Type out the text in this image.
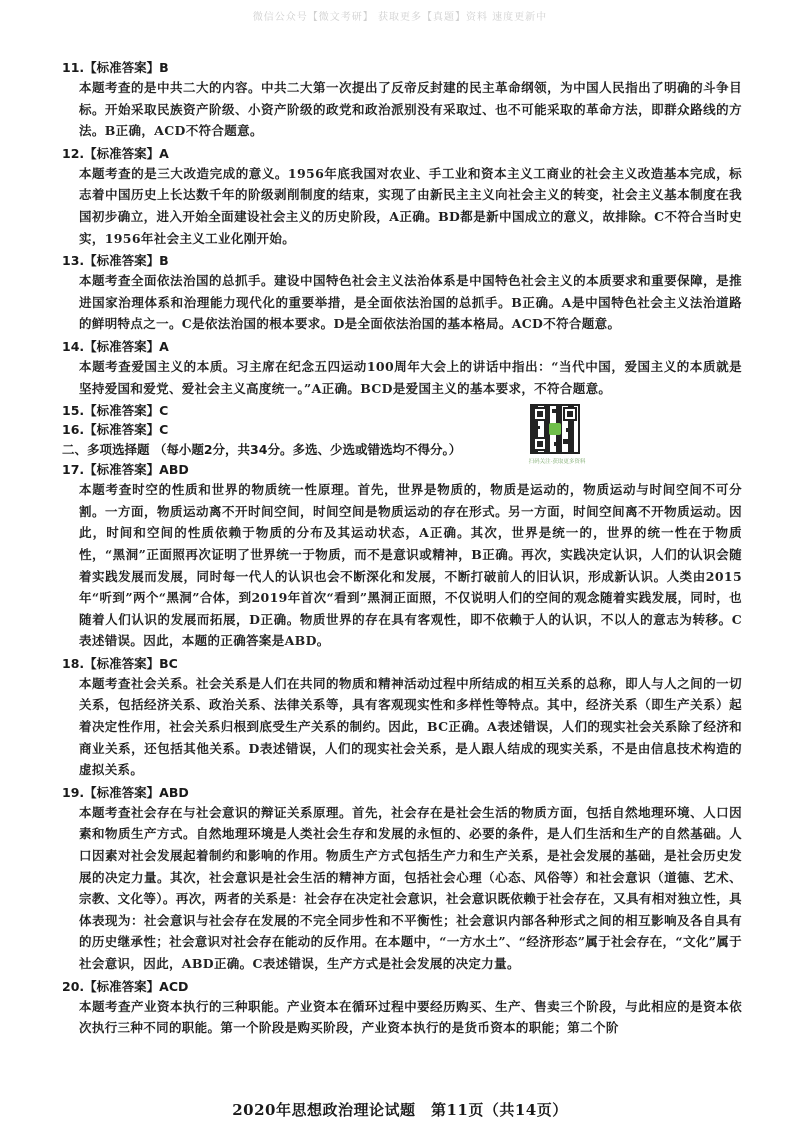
微信公众号【微文考研】 获取更多【真题】资料 速度更新中

11.【标准答案】B

本题考查的是中共二大的内容。中共二大第一次提出了反帝反封建的民主革命纲领，为中国人民指出了明确的斗争目标。开始采取民族资产阶级、小资产阶级的政党和政治派别没有采取过、也不可能采取的革命方法，即群众路线的方法。B正确，ACD不符合题意。

12.【标准答案】A

本题考查的是三大改造完成的意义。1956年底我国对农业、手工业和资本主义工商业的社会主义改造基本完成，标志着中国历史上长达数千年的阶级剥削制度的结束，实现了由新民主主义向社会主义的转变，社会主义基本制度在我国初步确立，进入开始全面建设社会主义的历史阶段，A正确。BD都是新中国成立的意义，故排除。C不符合当时史实，1956年社会主义工业化刚开始。

13.【标准答案】B

本题考查全面依法治国的总抓手。建设中国特色社会主义法治体系是中国特色社会主义的本质要求和重要保障，是推进国家治理体系和治理能力现代化的重要举措，是全面依法治国的总抓手。B正确。A是中国特色社会主义法治道路的鲜明特点之一。C是依法治国的根本要求。D是全面依法治国的基本格局。ACD不符合题意。

14.【标准答案】A

本题考查爱国主义的本质。习主席在纪念五四运动100周年大会上的讲话中指出：“当代中国，爱国主义的本质就是坚持爱国和爱党、爱社会主义高度统一。”A正确。BCD是爱国主义的基本要求，不符合题意。

15.【标准答案】C

16.【标准答案】C

二、多项选择题 （每小题2分，共34分。多选、少选或错选均不得分。）

17.【标准答案】ABD

本题考查时空的性质和世界的物质统一性原理。首先，世界是物质的，物质是运动的，物质运动与时间空间不可分割。一方面，物质运动离不开时间空间，时间空间是物质运动的存在形式。另一方面，时间空间离不开物质运动。因此，时间和空间的性质依赖于物质的分布及其运动状态，A正确。其次，世界是统一的，世界的统一性在于物质性，“黑洞”正面照再次证明了世界统一于物质，而不是意识或精神，B正确。再次，实践决定认识，人们的认识会随着实践发展而发展，同时每一代人的认识也会不断深化和发展，不断打破前人的旧认识，形成新认识。人类由2015年“听到”两个“黑洞”合体，到2019年首次“看到”黑洞正面照，不仅说明人们的空间的观念随着实践发展，同时，也随着人们认识的发展而拓展，D正确。物质世界的存在具有客观性，即不依赖于人的认识，不以人的意志为转移。C表述错误。因此，本题的正确答案是ABD。

18.【标准答案】BC

本题考查社会关系。社会关系是人们在共同的物质和精神活动过程中所结成的相互关系的总称，即人与人之间的一切关系，包括经济关系、政治关系、法律关系等，具有客观现实性和多样性等特点。其中，经济关系（即生产关系）起着决定性作用，社会关系归根到底受生产关系的制约。因此，BC正确。A表述错误，人们的现实社会关系除了经济和商业关系，还包括其他关系。D表述错误，人们的现实社会关系，是人跟人结成的现实关系，不是由信息技术构造的虚拟关系。

19.【标准答案】ABD

本题考查社会存在与社会意识的辩证关系原理。首先，社会存在是社会生活的物质方面，包括自然地理环境、人口因素和物质生产方式。自然地理环境是人类社会生存和发展的永恒的、必要的条件，是人们生活和生产的自然基础。人口因素对社会发展起着制约和影响的作用。物质生产方式包括生产力和生产关系，是社会发展的基础，是社会历史发展的决定力量。其次，社会意识是社会生活的精神方面，包括社会心理（心态、风俗等）和社会意识（道德、艺术、宗教、文化等）。再次，两者的关系是：社会存在决定社会意识，社会意识既依赖于社会存在，又具有相对独立性，具体表现为：社会意识与社会存在发展的不完全同步性和不平衡性；社会意识内部各种形式之间的相互影响及各自具有的历史继承性；社会意识对社会存在能动的反作用。在本题中，“一方水土”、“经济形态”属于社会存在，“文化”属于社会意识，因此，ABD正确。C表述错误，生产方式是社会发展的决定力量。

20.【标准答案】ACD

本题考查产业资本执行的三种职能。产业资本在循环过程中要经历购买、生产、售卖三个阶段，与此相应的是资本依次执行三种不同的职能。第一个阶段是购买阶段，产业资本执行的是货币资本的职能；第二个阶

扫码关注·获取更多资料
2020年思想政治理论试题　第11页（共14页）
